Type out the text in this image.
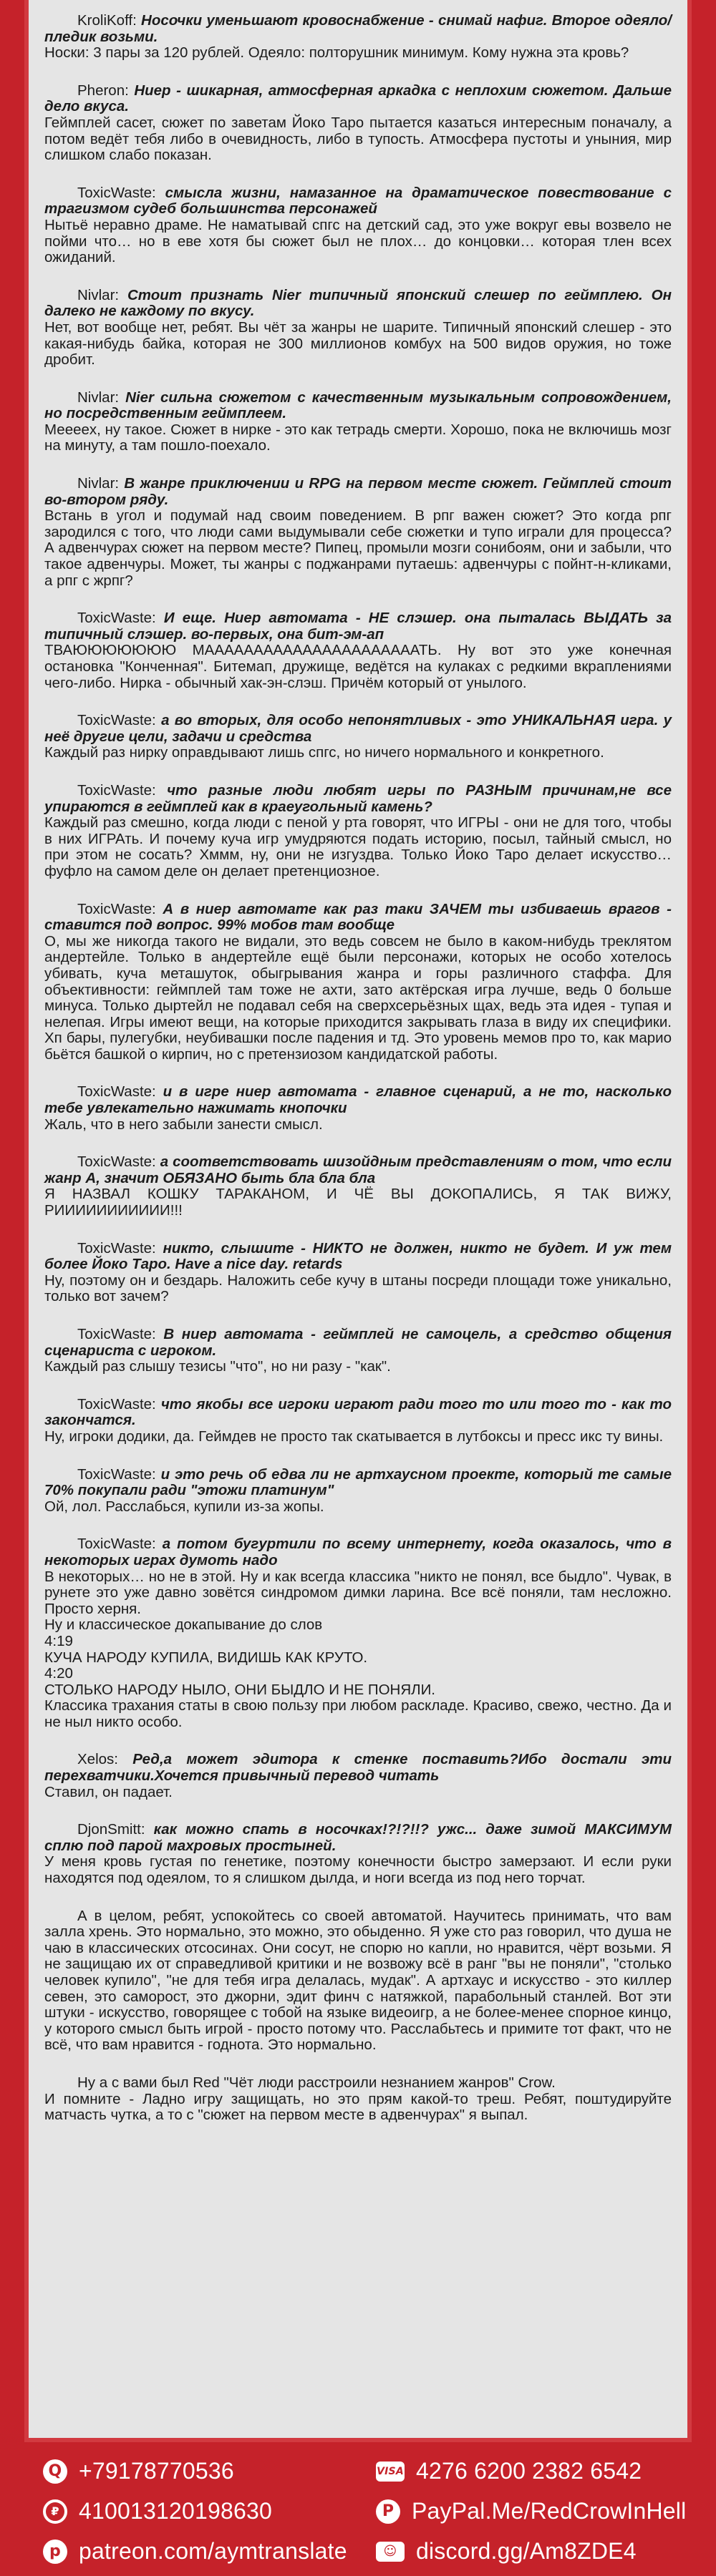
KroliKoff: Носочки уменьшают кровоснабжение - снимай нафиг. Второе одеяло/пледик возьми.
Носки: 3 пары за 120 рублей. Одеяло: полторушник минимум. Кому нужна эта кровь?
Pheron: Ниер - шикарная, атмосферная аркадка с неплохим сюжетом. Дальше дело вкуса.
Геймплей сасет, сюжет по заветам Йоко Таро пытается казаться интересным поначалу, а потом ведёт тебя либо в очевидность, либо в тупость. Атмосфера пустоты и уныния, мир слишком слабо показан.
ToxicWaste: смысла жизни, намазанное на драматическое повествование с трагизмом судеб большинства персонажей
Нытьё неравно драме. Не наматывай спгс на детский сад, это уже вокруг евы возвело не пойми что… но в еве хотя бы сюжет был не плох… до концовки… которая тлен всех ожиданий.
Nivlar: Стоит признать Nier типичный японский слешер по геймплею. Он далеко не каждому по вкусу.
Нет, вот вообще нет, ребят. Вы чёт за жанры не шарите. Типичный японский слешер - это какая-нибудь байка, которая не 300 миллионов комбух на 500 видов оружия, но тоже дробит.
Nivlar: Nier сильна сюжетом с качественным музыкальным сопровождением, но посредственным геймплеем.
Мееееx, ну такое. Сюжет в нирке - это как тетрадь смерти. Хорошо, пока не включишь мозг на минуту, а там пошло-поехало.
Nivlar: В жанре приключении и RPG на первом месте сюжет. Геймплей стоит во-втором ряду.
Встань в угол и подумай над своим поведением. В рпг важен сюжет? Это когда рпг зародился с того, что люди сами выдумывали себе сюжетки и тупо играли для процесса? А адвенчурах сюжет на первом месте? Пипец, промыли мозги сонибоям, они и забыли, что такое адвенчуры. Может, ты жанры с поджанрами путаешь: адвенчуры с пойнт-н-кликами, а рпг с жрпг?
ToxicWaste: И еще. Ниер автомата - НЕ слэшер. она пыталась ВЫДАТЬ за типичный слэшер. во-первых, она бит-эм-ап
ТВАЮЮЮЮЮЮЮ МААААААААААААААААААААААТЬ. Ну вот это уже конечная остановка "Конченная". Битемап, дружище, ведётся на кулаках с редкими вкраплениями чего-либо. Нирка - обычный хак-эн-слэш. Причём который от унылого.
ToxicWaste: а во вторых, для особо непонятливых - это УНИКАЛЬНАЯ игра. у неё другие цели, задачи и средства
Каждый раз нирку оправдывают лишь спгс, но ничего нормального и конкретного.
ToxicWaste: что разные люди любят игры по РАЗНЫМ причинам,не все упираются в геймплей как в краеугольный камень?
Каждый раз смешно, когда люди с пеной у рта говорят, что ИГРЫ - они не для того, чтобы в них ИГРАть. И почему куча игр умудряются подать историю, посыл, тайный смысл, но при этом не сосать? Хммм, ну, они не изгуздва. Только Йоко Таро делает искусство… фуфло на самом деле он делает претенциозное.
ToxicWaste: А в ниер автомате как раз таки ЗАЧЕМ ты избиваешь врагов - ставится под вопрос. 99% мобов там вообще
О, мы же никогда такого не видали, это ведь совсем не было в каком-нибудь треклятом андертейле. Только в андертейле ещё были персонажи, которых не особо хотелось убивать, куча меташуток, обыгрывания жанра и горы различного стаффа. Для объективности: геймплей там тоже не ахти, зато актёрская игра лучше, ведь 0 больше минуса. Только дыртейл не подавал себя на сверхсерьёзных щах, ведь эта идея - тупая и нелепая. Игры имеют вещи, на которые приходится закрывать глаза в виду их специфики. Хп бары, пулегубки, неубивашки после падения и тд. Это уровень мемов про то, как марио бьётся башкой о кирпич, но с претензиозом кандидатской работы.
ToxicWaste: и в игре ниер автомата - главное сценарий, а не то, насколько тебе увлекательно нажимать кнопочки
Жаль, что в него забыли занести смысл.
ToxicWaste: а соответствовать шизойдным представлениям о том, что если жанр А, значит ОБЯЗАНО быть бла бла бла
Я НАЗВАЛ КОШКУ ТАРАКАНОМ, И ЧЁ ВЫ ДОКОПАЛИСЬ, Я ТАК ВИЖУ, РИИИИИИИИИИИ!!!
ToxicWaste: никто, слышите - НИКТО не должен, никто не будет. И уж тем более Йоко Таро. Have a nice day. retards
Ну, поэтому он и бездарь. Наложить себе кучу в штаны посреди площади тоже уникально, только вот зачем?
ToxicWaste: В ниер автомата - геймплей не самоцель, а средство общения сценариста с игроком.
Каждый раз слышу тезисы "что", но ни разу - "как".
ToxicWaste: что якобы все игроки играют ради того то или того то - как то закончатся.
Ну, игроки додики, да. Геймдев не просто так скатывается в лутбоксы и пресс икс ту вины.
ToxicWaste: и это речь об едва ли не артхаусном проекте, который те самые 70% покупали ради "этожи платинум"
Ой, лол. Расслабься, купили из-за жопы.
ToxicWaste: а потом бугуртили по всему интернету, когда оказалось, что в некоторых играх думоть надо
В некоторых… но не в этой. Ну и как всегда классика "никто не понял, все быдло". Чувак, в рунете это уже давно зовётся синдромом димки ларина. Все всё поняли, там несложно. Просто херня.
Ну и классическое докапывание до слов
4:19
КУЧА НАРОДУ КУПИЛА, ВИДИШЬ КАК КРУТО.
4:20
СТОЛЬКО НАРОДУ НЫЛО, ОНИ БЫДЛО И НЕ ПОНЯЛИ.
Классика трахания статы в свою пользу при любом раскладе. Красиво, свежо, честно. Да и не ныл никто особо.
Xelos: Ред,а может эдитора к стенке поставить?Ибо достали эти перехватчики.Хочется привычный перевод читать
Ставил, он падает.
DjonSmitt: как можно спать в носочках!?!?!!? ужс... даже зимой МАКСИМУМ сплю под парой махровых простыней.
У меня кровь густая по генетике, поэтому конечности быстро замерзают. И если руки находятся под одеялом, то я слишком дылда, и ноги всегда из под него торчат.
А в целом, ребят, успокойтесь со своей автоматой. Научитесь принимать, что вам залла хрень. Это нормально, это можно, это обыденно. Я уже сто раз говорил, что душа не чаю в классических отсосинах. Они сосут, не спорю но капли, но нравится, чёрт возьми. Я не защищаю их от справедливой критики и не возвожу всё в ранг "вы не поняли", "столько человек купило", "не для тебя игра делалась, мудак". А артхаус и искусство - это киллер севен, это саморост, это джорни, эдит финч с натяжкой, парабольный станлей. Вот эти штуки - искусство, говорящее с тобой на языке видеоигр, а не более-менее спорное кинцо, у которого смысл быть игрой - просто потому что. Расслабьтесь и примите тот факт, что не всё, что вам нравится - годнота. Это нормально.
Ну а с вами был Red "Чёт люди расстроили незнанием жанров" Crow.
И помните - Ладно игру защищать, но это прям какой-то треш. Ребят, поштудируйте матчасть чутка, а то с "сюжет на первом месте в адвенчурах" я выпал.
Q +79178770536	VISA 4276 6200 2382 6542
₽ 410013120198630	P PayPal.Me/RedCrowInHell
p patreon.com/aymtranslate	☺ discord.gg/Am8ZDE4
